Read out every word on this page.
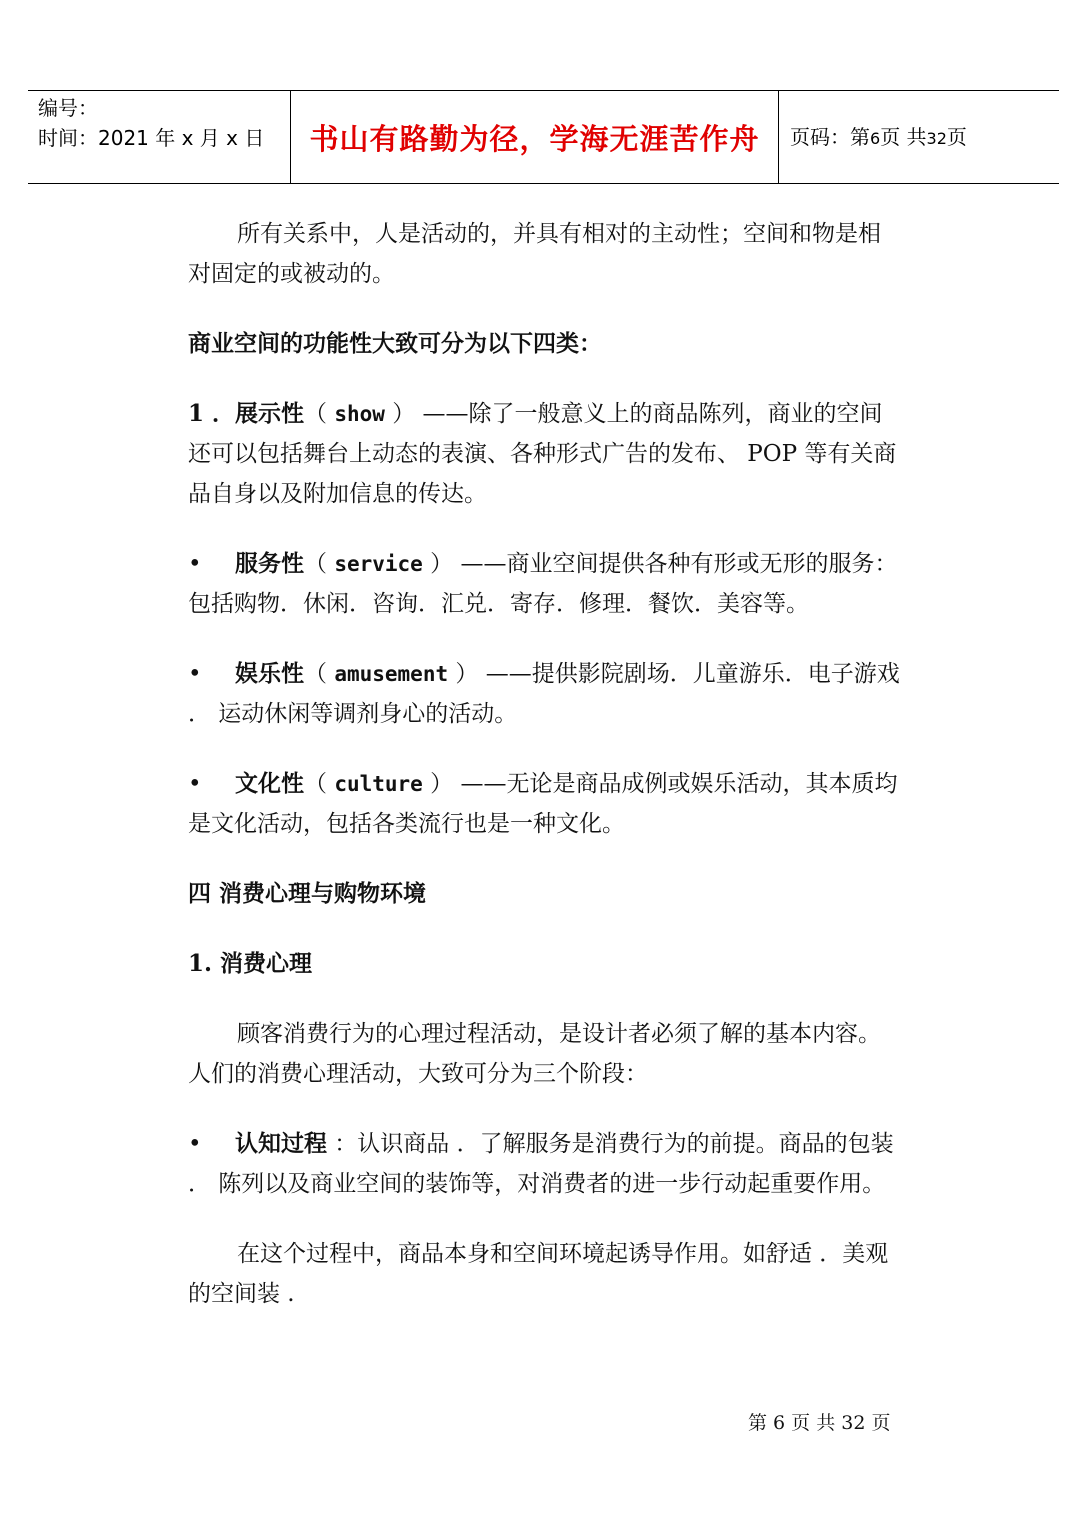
编号：
时间：2021 年 x 月 x 日	书山有路勤为径，学海无涯苦作舟	页码：第6页 共32页

所有关系中，人是活动的，并具有相对的主动性；空间和物是相对固定的或被动的。

商业空间的功能性大致可分为以下四类：

1 ．展示性（ show ） ——除了一般意义上的商品陈列，商业的空间还可以包括舞台上动态的表演、各种形式广告的发布、 POP 等有关商品自身以及附加信息的传达。

• 服务性（ service ） ——商业空间提供各种有形或无形的服务：包括购物．休闲．咨询．汇兑．寄存．修理．餐饮．美容等。

• 娱乐性（ amusement ） ——提供影院剧场．儿童游乐．电子游戏 ． 运动休闲等调剂身心的活动。

• 文化性（ culture ） ——无论是商品成例或娱乐活动，其本质均是文化活动，包括各类流行也是一种文化。

四 消费心理与购物环境

1. 消费心理

顾客消费行为的心理过程活动，是设计者必须了解的基本内容。人们的消费心理活动，大致可分为三个阶段：

• 认知过程 ：认识商品 ．了解服务是消费行为的前提。商品的包装 ． 陈列以及商业空间的装饰等，对消费者的进一步行动起重要作用。

在这个过程中，商品本身和空间环境起诱导作用。如舒适 ．美观的空间装 .

第 6 页 共 32 页
